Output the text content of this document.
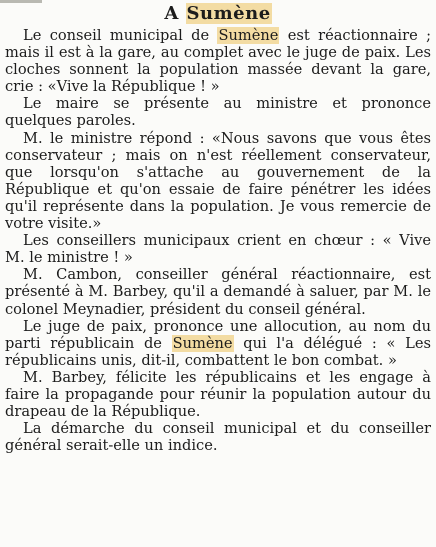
A Sumène

Le conseil municipal de Sumène est réactionnaire ; mais il est à la gare, au complet avec le juge de paix. Les cloches sonnent la population massée devant la gare, crie : «Vive la République ! »

Le maire se présente au ministre et prononce quelques paroles.

M. le ministre répond : «Nous savons que vous êtes conservateur ; mais on n'est réellement conservateur, que lorsqu'on s'attache au gouvernement de la République et qu'on essaie de faire pénétrer les idées qu'il représente dans la population. Je vous remercie de votre visite.»

Les conseillers municipaux crient en chœur : « Vive M. le ministre ! »

M. Cambon, conseiller général réactionnaire, est présenté à M. Barbey, qu'il a demandé à saluer, par M. le colonel Meynadier, président du conseil général.

Le juge de paix, prononce une allocution, au nom du parti républicain de Sumène qui l'a délégué : « Les républicains unis, dit-il, combattent le bon combat. »

M. Barbey, félicite les républicains et les engage à faire la propagande pour réunir la population autour du drapeau de la République.

La démarche du conseil municipal et du conseiller général serait-elle un indice.
